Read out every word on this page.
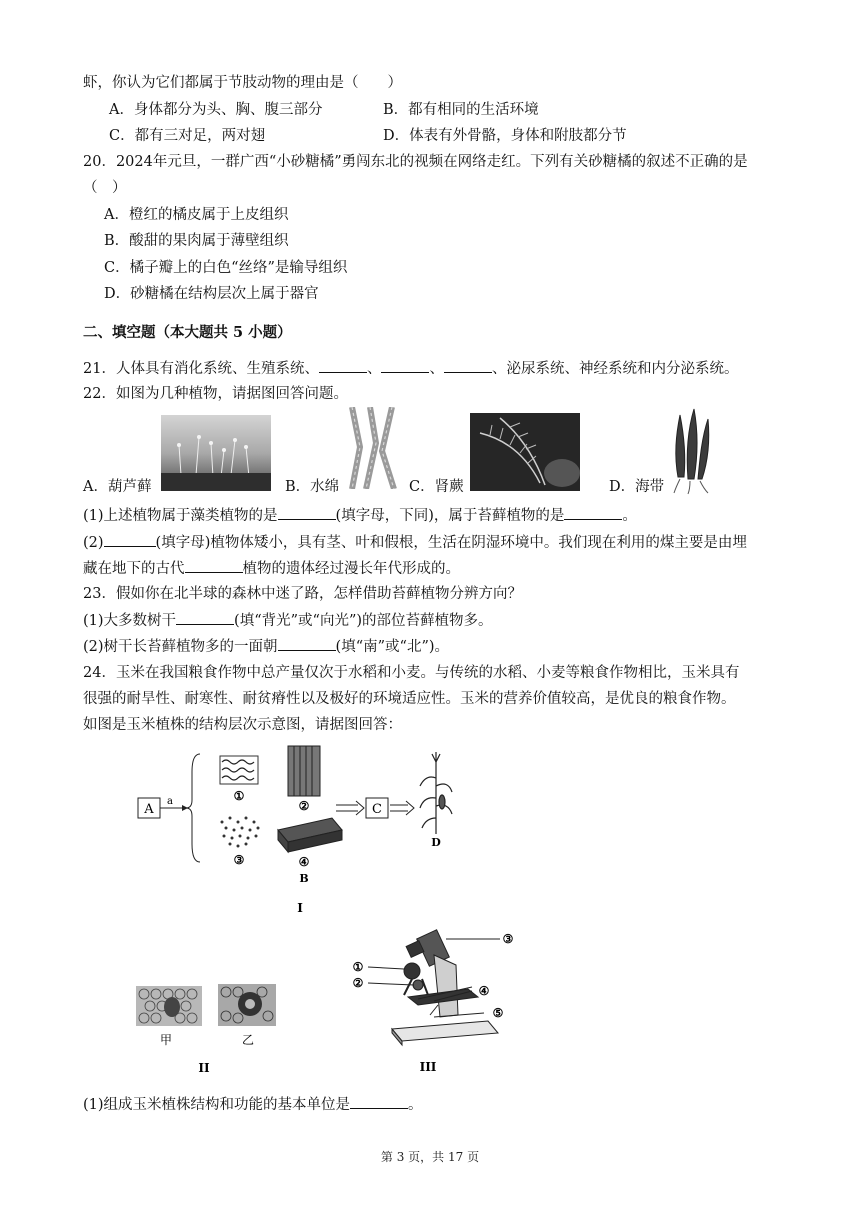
虾，你认为它们都属于节肢动物的理由是（　　）
A．身体都分为头、胸、腹三部分	B．都有相同的生活环境
C．都有三对足，两对翅	D．体表有外骨骼，身体和附肢都分节
20．2024年元旦，一群广西“小砂糖橘”勇闯东北的视频在网络走红。下列有关砂糖橘的叙述不正确的是
（　）
A．橙红的橘皮属于上皮组织
B．酸甜的果肉属于薄壁组织
C．橘子瓣上的白色“丝络”是输导组织
D．砂糖橘在结构层次上属于器官
二、填空题（本大题共 5 小题）
21．人体具有消化系统、生殖系统、	、	、	、泌尿系统、神经系统和内分泌系统。
22．如图为几种植物，请据图回答问题。
A．葫芦藓	B．水绵	C．肾蕨	D．海带
(1)上述植物属于藻类植物的是	(填字母，下同)，属于苔藓植物的是	。
(2)	(填字母)植物体矮小，具有茎、叶和假根，生活在阴湿环境中。我们现在利用的煤主要是由埋
藏在地下的古代	植物的遗体经过漫长年代形成的。
23．假如你在北半球的森林中迷了路，怎样借助苔藓植物分辨方向？
(1)大多数树干	(填“背光”或“向光”)的部位苔藓植物多。
(2)树干长苔藓植物多的一面朝	(填“南”或“北”)。
24．玉米在我国粮食作物中总产量仅次于水稻和小麦。与传统的水稻、小麦等粮食作物相比，玉米具有
很强的耐旱性、耐寒性、耐贫瘠性以及极好的环境适应性。玉米的营养价值较高，是优良的粮食作物。
如图是玉米植株的结构层次示意图，请据图回答：
A
a	①
②
③	④
B
C
D
I
甲	乙
II
③
①
②
④
⑤
III
(1)组成玉米植株结构和功能的基本单位是	。
第 3 页，共 17 页
